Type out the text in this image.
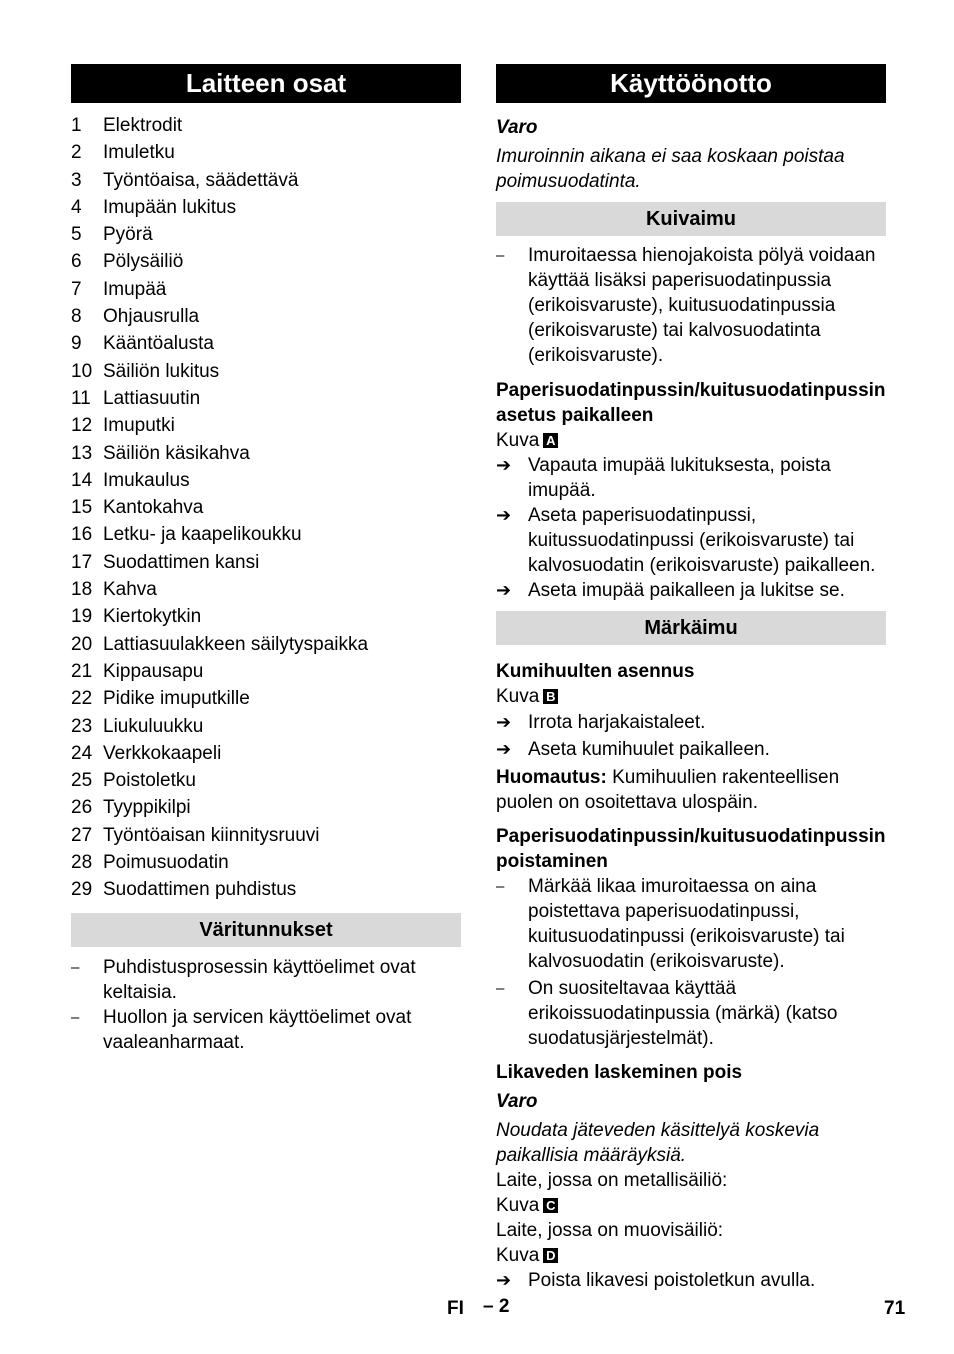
Laitteen osat
1	Elektrodit
2	Imuletku
3	Työntöaisa, säädettävä
4	Imupään lukitus
5	Pyörä
6	Pölysäiliö
7	Imupää
8	Ohjausrulla
9	Kääntöalusta
10 Säiliön lukitus
11 Lattiasuutin
12 Imuputki
13 Säiliön käsikahva
14 Imukaulus
15 Kantokahva
16 Letku- ja kaapelikoukku
17 Suodattimen kansi
18 Kahva
19 Kiertokytkin
20 Lattiasuulakkeen säilytyspaikka
21 Kippausapu
22 Pidike imuputkille
23 Liukuluukku
24 Verkkokaapeli
25 Poistoletku
26 Tyyppikilpi
27 Työntöaisan kiinnitysruuvi
28 Poimusuodatin
29 Suodattimen puhdistus
Väritunnukset
–	Puhdistusprosessin käyttöelimet ovat keltaisia.
–	Huollon ja servicen käyttöelimet ovat vaaleanharmaat.
Käyttöönotto

Varo

Imuroinnin aikana ei saa koskaan poistaa poimusuodatinta.

Kuivaimu
–	Imuroitaessa hienojakoista pölyä voidaan käyttää lisäksi paperisuodatinpussia (erikoisvaruste), kuitusuodatinpussia (erikoisvaruste) tai kalvosuodatinta (erikoisvaruste).

Paperisuodatinpussin/kuitusuodatinpussin asetus paikalleen

Kuva A

➔ Vapauta imupää lukituksesta, poista imupää.
➔ Aseta paperisuodatinpussi, kuitussuodatinpussi (erikoisvaruste) tai kalvosuodatin (erikoisvaruste) paikalleen.
➔ Aseta imupää paikalleen ja lukitse se.
Märkäimu

Kumihuulten asennus

Kuva B

➔ Irrota harjakaistaleet.
➔ Aseta kumihuulet paikalleen.

Huomautus: Kumihuulien rakenteellisen puolen on osoitettava ulospäin.

Paperisuodatinpussin/kuitusuodatinpussin poistaminen

–	Märkää likaa imuroitaessa on aina poistettava paperisuodatinpussi, kuitusuodatinpussi (erikoisvaruste) tai kalvosuodatin (erikoisvaruste).
–	On suositeltavaa käyttää erikoissuodatinpussia (märkä) (katso suodatusjärjestelmät).

Likaveden laskeminen pois

Varo

Noudata jäteveden käsittelyä koskevia paikallisia määräyksiä.

Laite, jossa on metallisäiliö:

Kuva C

Laite, jossa on muovisäiliö:

Kuva D

➔ Poista likavesi poistoletkun avulla.
FI – 2	71
